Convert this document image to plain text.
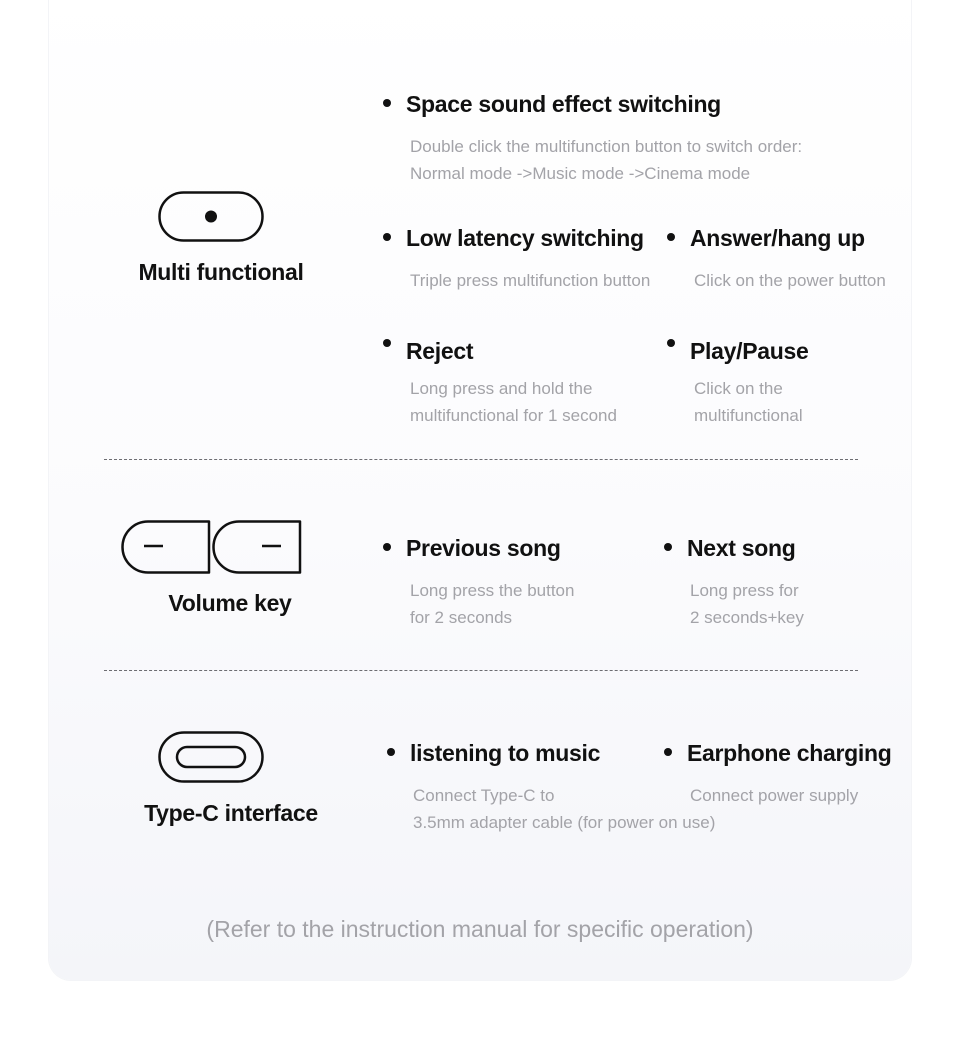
Multi functional
Space sound effect switching
Double click the multifunction button to switch order:
Normal mode ->Music mode ->Cinema mode
Low latency switching
Triple press multifunction button
Answer/hang up
Click on the power button
Reject
Long press and hold the
multifunctional for 1 second
Play/Pause
Click on the
multifunctional
Volume key
Previous song
Long press the button
for 2 seconds
Next song
Long press for
2 seconds+key
Type-C interface
listening to music
Connect Type-C to
3.5mm adapter cable (for power on use)
Earphone charging
Connect power supply
(Refer to the instruction manual for specific operation)
